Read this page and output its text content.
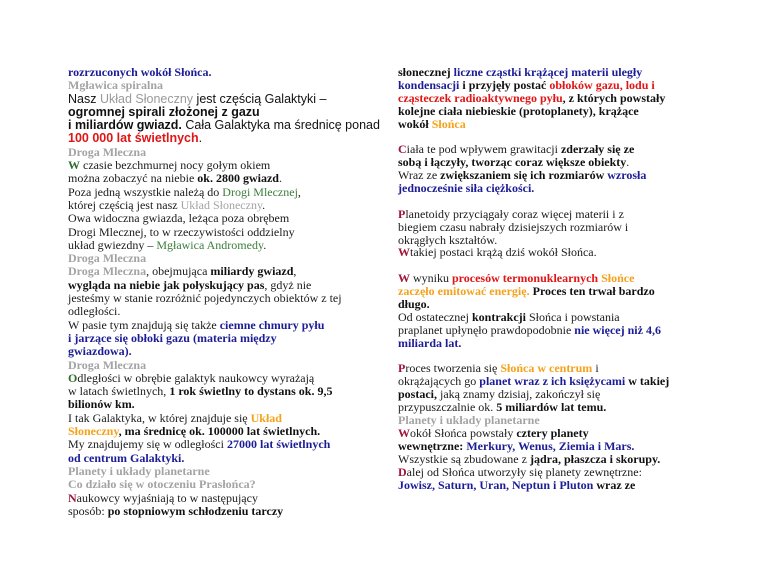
rozrzuconych wokół Słońca.
Mgławica spiralna
Nasz Układ Słoneczny jest częścią Galaktyki –
ogromnej spirali złożonej z gazu
i miliardów gwiazd. Cała Galaktyka ma średnicę ponad
100 000 lat świetlnych.
Droga Mleczna
W czasie bezchmurnej nocy gołym okiem
można zobaczyć na niebie ok. 2800 gwiazd.
Poza jedną wszystkie należą do Drogi Mlecznej,
której częścią jest nasz Układ Słoneczny.
Owa widoczna gwiazda, leżąca poza obrębem
Drogi Mlecznej, to w rzeczywistości oddzielny
układ gwiezdny – Mgławica Andromedy.
Droga Mleczna
Droga Mleczna, obejmująca miliardy gwiazd,
wygląda na niebie jak połyskujący pas, gdyż nie
jesteśmy w stanie rozróżnić pojedynczych obiektów z tej
odległości.
W pasie tym znajdują się także ciemne chmury pyłu
i jarzące się obłoki gazu (materia między
gwiazdowa).
Droga Mleczna
Odległości w obrębie galaktyk naukowcy wyrażają
w latach świetlnych, 1 rok świetlny to dystans ok. 9,5
bilionów km.
I tak Galaktyka, w której znajduje się Układ
Słoneczny, ma średnicę ok. 100000 lat świetlnych.
My znajdujemy się w odległości 27000 lat świetlnych
od centrum Galaktyki.
Planety i układy planetarne
Co działo się w otoczeniu Prasłońca?
Naukowcy wyjaśniają to w następujący
sposób: po stopniowym schłodzeniu tarczy
słonecznej liczne cząstki krążącej materii uległy
kondensacji i przyjęły postać obłoków gazu, lodu i
cząsteczek radioaktywnego pyłu, z których powstały
kolejne ciała niebieskie (protoplanety), krążące
wokół Słońca
Ciała te pod wpływem grawitacji zderzały się ze
sobą i łączyły, tworząc coraz większe obiekty.
Wraz ze zwiększaniem się ich rozmiarów wzrosła
jednocześnie siła ciężkości.
Planetoidy przyciągały coraz więcej materii i z
biegiem czasu nabrały dzisiejszych rozmiarów i
okrągłych kształtów.
Wtakiej postaci krążą dziś wokół Słońca.
W wyniku procesów termonuklearnych Słońce
zaczęło emitować energię. Proces ten trwał bardzo
długo.
Od ostatecznej kontrakcji Słońca i powstania
praplanet upłynęło prawdopodobnie nie więcej niż 4,6
miliarda lat.
Proces tworzenia się Słońca w centrum i
okrążających go planet wraz z ich księżycami w takiej
postaci, jaką znamy dzisiaj, zakończył się
przypuszczalnie ok. 5 miliardów lat temu.
Planety i układy planetarne
Wokół Słońca powstały cztery planety
wewnętrzne: Merkury, Wenus, Ziemia i Mars.
Wszystkie są zbudowane z jądra, płaszcza i skorupy.
Dalej od Słońca utworzyły się planety zewnętrzne:
Jowisz, Saturn, Uran, Neptun i Pluton wraz ze
